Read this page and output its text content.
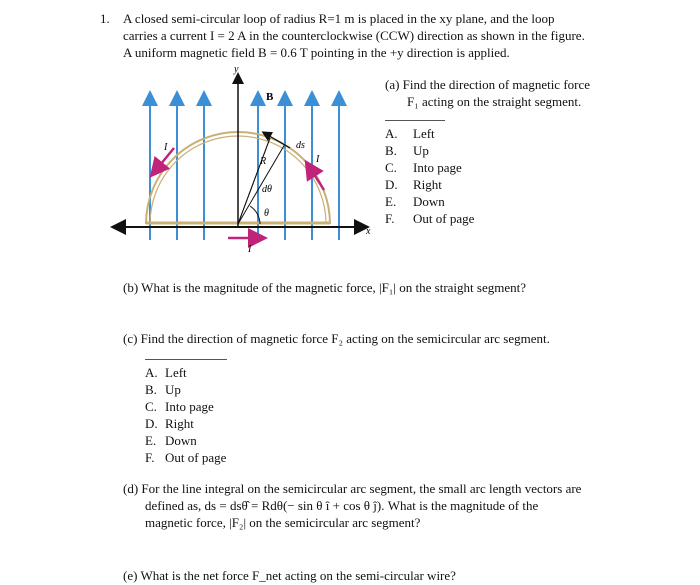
1. A closed semi-circular loop of radius R=1 m is placed in the xy plane, and the loop
carries a current I = 2 A in the counterclockwise (CCW) direction as shown in the figure.
A uniform magnetic field B = 0.6 T pointing in the +y direction is applied.
y
x
B
R
dθ
θ
ds
I
I
I
(a) Find the direction of magnetic force
F₁ acting on the straight segment.
A. Left
B. Up
C. Into page
D. Right
E. Down
F. Out of page
(b) What is the magnitude of the magnetic force, |F₁| on the straight segment?
(c) Find the direction of magnetic force F₂ acting on the semicircular arc segment.
A. Left
B. Up
C. Into page
D. Right
E. Down
F. Out of page
(d) For the line integral on the semicircular arc segment, the small arc length vectors are
defined as, ds = dsθ̂ = Rdθ(− sin θ î + cos θ ĵ). What is the magnitude of the
magnetic force, |F₂| on the semicircular arc segment?
(e) What is the net force F_net acting on the semi-circular wire?
